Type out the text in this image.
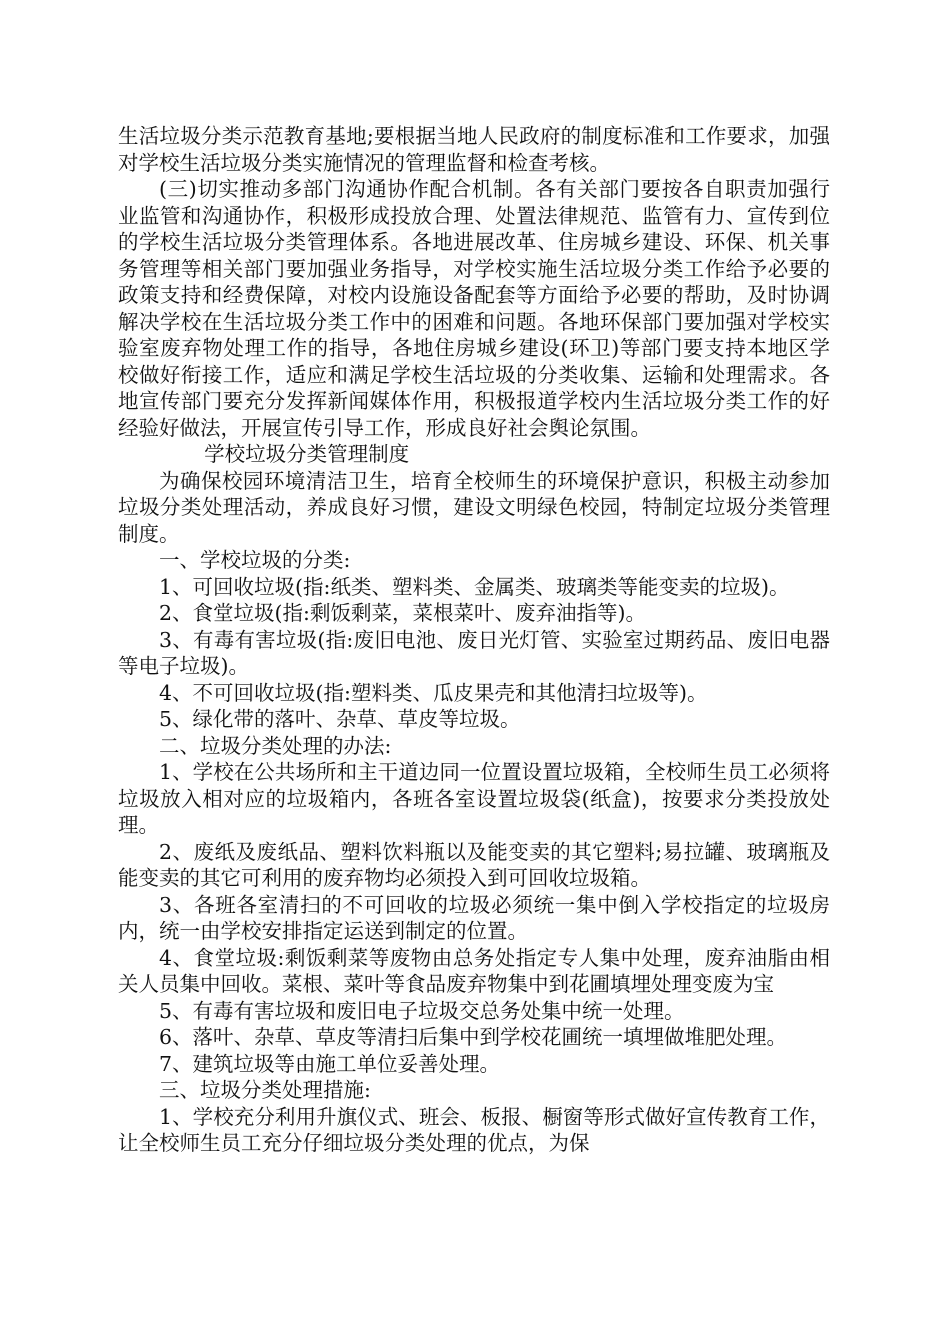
生活垃圾分类示范教育基地;要根据当地人民政府的制度标准和工作要求，加强对学校生活垃圾分类实施情况的管理监督和检查考核。

(三)切实推动多部门沟通协作配合机制。各有关部门要按各自职责加强行业监管和沟通协作，积极形成投放合理、处置法律规范、监管有力、宣传到位的学校生活垃圾分类管理体系。各地进展改革、住房城乡建设、环保、机关事务管理等相关部门要加强业务指导，对学校实施生活垃圾分类工作给予必要的政策支持和经费保障，对校内设施设备配套等方面给予必要的帮助，及时协调解决学校在生活垃圾分类工作中的困难和问题。各地环保部门要加强对学校实验室废弃物处理工作的指导，各地住房城乡建设(环卫)等部门要支持本地区学校做好衔接工作，适应和满足学校生活垃圾的分类收集、运输和处理需求。各地宣传部门要充分发挥新闻媒体作用，积极报道学校内生活垃圾分类工作的好经验好做法，开展宣传引导工作，形成良好社会舆论氛围。

学校垃圾分类管理制度

为确保校园环境清洁卫生，培育全校师生的环境保护意识，积极主动参加垃圾分类处理活动，养成良好习惯，建设文明绿色校园，特制定垃圾分类管理制度。

一、学校垃圾的分类:

1、可回收垃圾(指:纸类、塑料类、金属类、玻璃类等能变卖的垃圾)。

2、食堂垃圾(指:剩饭剩菜，菜根菜叶、废弃油指等)。

3、有毒有害垃圾(指:废旧电池、废日光灯管、实验室过期药品、废旧电器等电子垃圾)。

4、不可回收垃圾(指:塑料类、瓜皮果壳和其他清扫垃圾等)。

5、绿化带的落叶、杂草、草皮等垃圾。

二、垃圾分类处理的办法:

1、学校在公共场所和主干道边同一位置设置垃圾箱，全校师生员工必须将垃圾放入相对应的垃圾箱内，各班各室设置垃圾袋(纸盒)，按要求分类投放处理。

2、废纸及废纸品、塑料饮料瓶以及能变卖的其它塑料;易拉罐、玻璃瓶及能变卖的其它可利用的废弃物均必须投入到可回收垃圾箱。

3、各班各室清扫的不可回收的垃圾必须统一集中倒入学校指定的垃圾房内，统一由学校安排指定运送到制定的位置。

4、食堂垃圾:剩饭剩菜等废物由总务处指定专人集中处理，废弃油脂由相关人员集中回收。菜根、菜叶等食品废弃物集中到花圃填埋处理变废为宝

5、有毒有害垃圾和废旧电子垃圾交总务处集中统一处理。

6、落叶、杂草、草皮等清扫后集中到学校花圃统一填埋做堆肥处理。

7、建筑垃圾等由施工单位妥善处理。

三、垃圾分类处理措施:

1、学校充分利用升旗仪式、班会、板报、橱窗等形式做好宣传教育工作，让全校师生员工充分仔细垃圾分类处理的优点，为保
